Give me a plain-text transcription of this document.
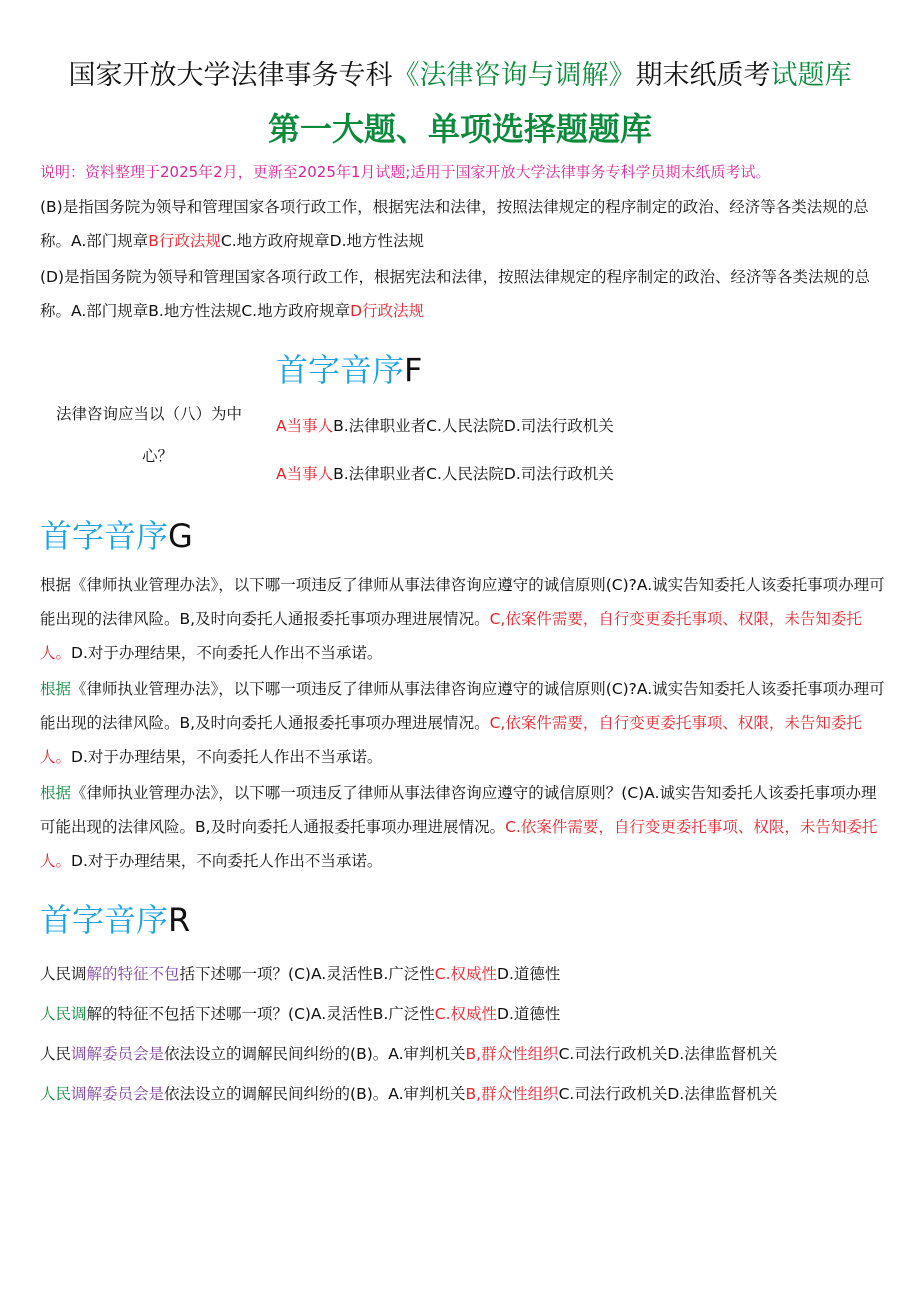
国家开放大学法律事务专科《法律咨询与调解》期末纸质考试题库
第一大题、单项选择题题库
说明：资料整理于2025年2月，更新至2025年1月试题;适用于国家开放大学法律事务专科学员期末纸质考试。
(B)是指国务院为领导和管理国家各项行政工作，根据宪法和法律，按照法律规定的程序制定的政治、经济等各类法规的总称。A.部门规章B行政法规C.地方政府规章D.地方性法规
(D)是指国务院为领导和管理国家各项行政工作，根据宪法和法律，按照法律规定的程序制定的政治、经济等各类法规的总称。A.部门规章B.地方性法规C.地方政府规章D行政法规
首字音序F
法律咨询应当以（八）为中
心？
A当事人B.法律职业者C.人民法院D.司法行政机关
A当事人B.法律职业者C.人民法院D.司法行政机关
首字音序G
根据《律师执业管理办法》，以下哪一项违反了律师从事法律咨询应遵守的诚信原则(C)?A.诚实告知委托人该委托事项办理可能出现的法律风险。B,及时向委托人通报委托事项办理进展情况。C,依案件需要，自行变更委托事项、权限，未告知委托人。D.对于办理结果，不向委托人作出不当承诺。
根据《律师执业管理办法》，以下哪一项违反了律师从事法律咨询应遵守的诚信原则(C)?A.诚实告知委托人该委托事项办理可能出现的法律风险。B,及时向委托人通报委托事项办理进展情况。C,依案件需要，自行变更委托事项、权限，未告知委托人。D.对于办理结果，不向委托人作出不当承诺。
根据《律师执业管理办法》，以下哪一项违反了律师从事法律咨询应遵守的诚信原则？(C)A.诚实告知委托人该委托事项办理可能出现的法律风险。B,及时向委托人通报委托事项办理进展情况。C.依案件需要，自行变更委托事项、权限，未告知委托人。D.对于办理结果，不向委托人作出不当承诺。
首字音序R
人民调解的特征不包括下述哪一项？(C)A.灵活性B.广泛性C.权威性D.道德性
人民调解的特征不包括下述哪一项？(C)A.灵活性B.广泛性C.权威性D.道德性
人民调解委员会是依法设立的调解民间纠纷的(B)。A.审判机关B,群众性组织C.司法行政机关D.法律监督机关
人民调解委员会是依法设立的调解民间纠纷的(B)。A.审判机关B,群众性组织C.司法行政机关D.法律监督机关
